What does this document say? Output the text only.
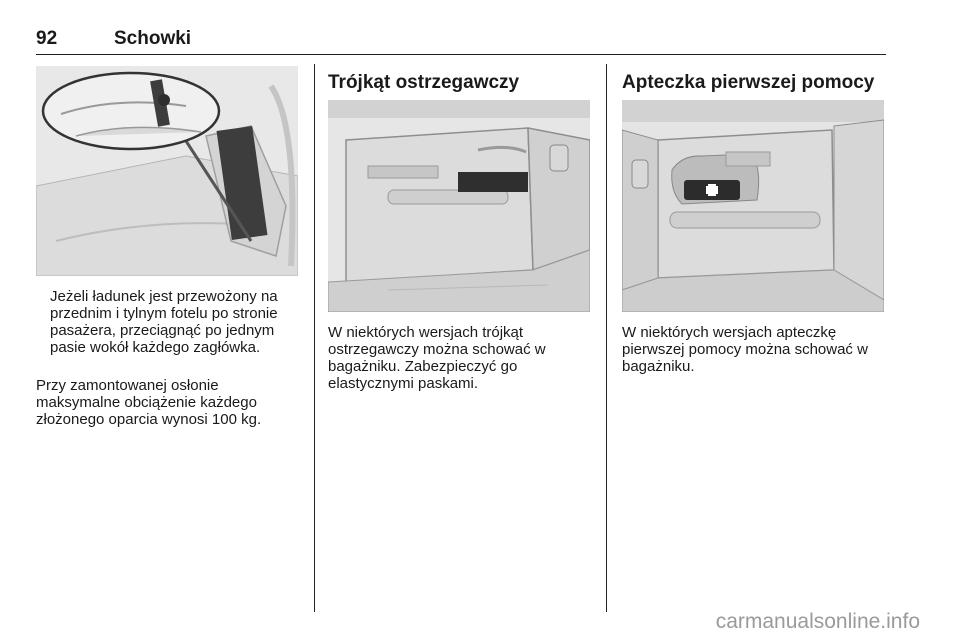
92	Schowki

Jeżeli ładunek jest przewożony na przednim i tylnym fotelu po stronie pasażera, przeciągnąć po jednym pasie wokół każdego zagłówka.

Przy zamontowanej osłonie maksymalne obciążenie każdego złożonego oparcia wynosi 100 kg.

Trójkąt ostrzegawczy

W niektórych wersjach trójkąt ostrzegawczy można schować w bagażniku. Zabezpieczyć go elastycznymi paskami.

Apteczka pierwszej pomocy

W niektórych wersjach apteczkę pierwszej pomocy można schować w bagażniku.

carmanualsonline.info
